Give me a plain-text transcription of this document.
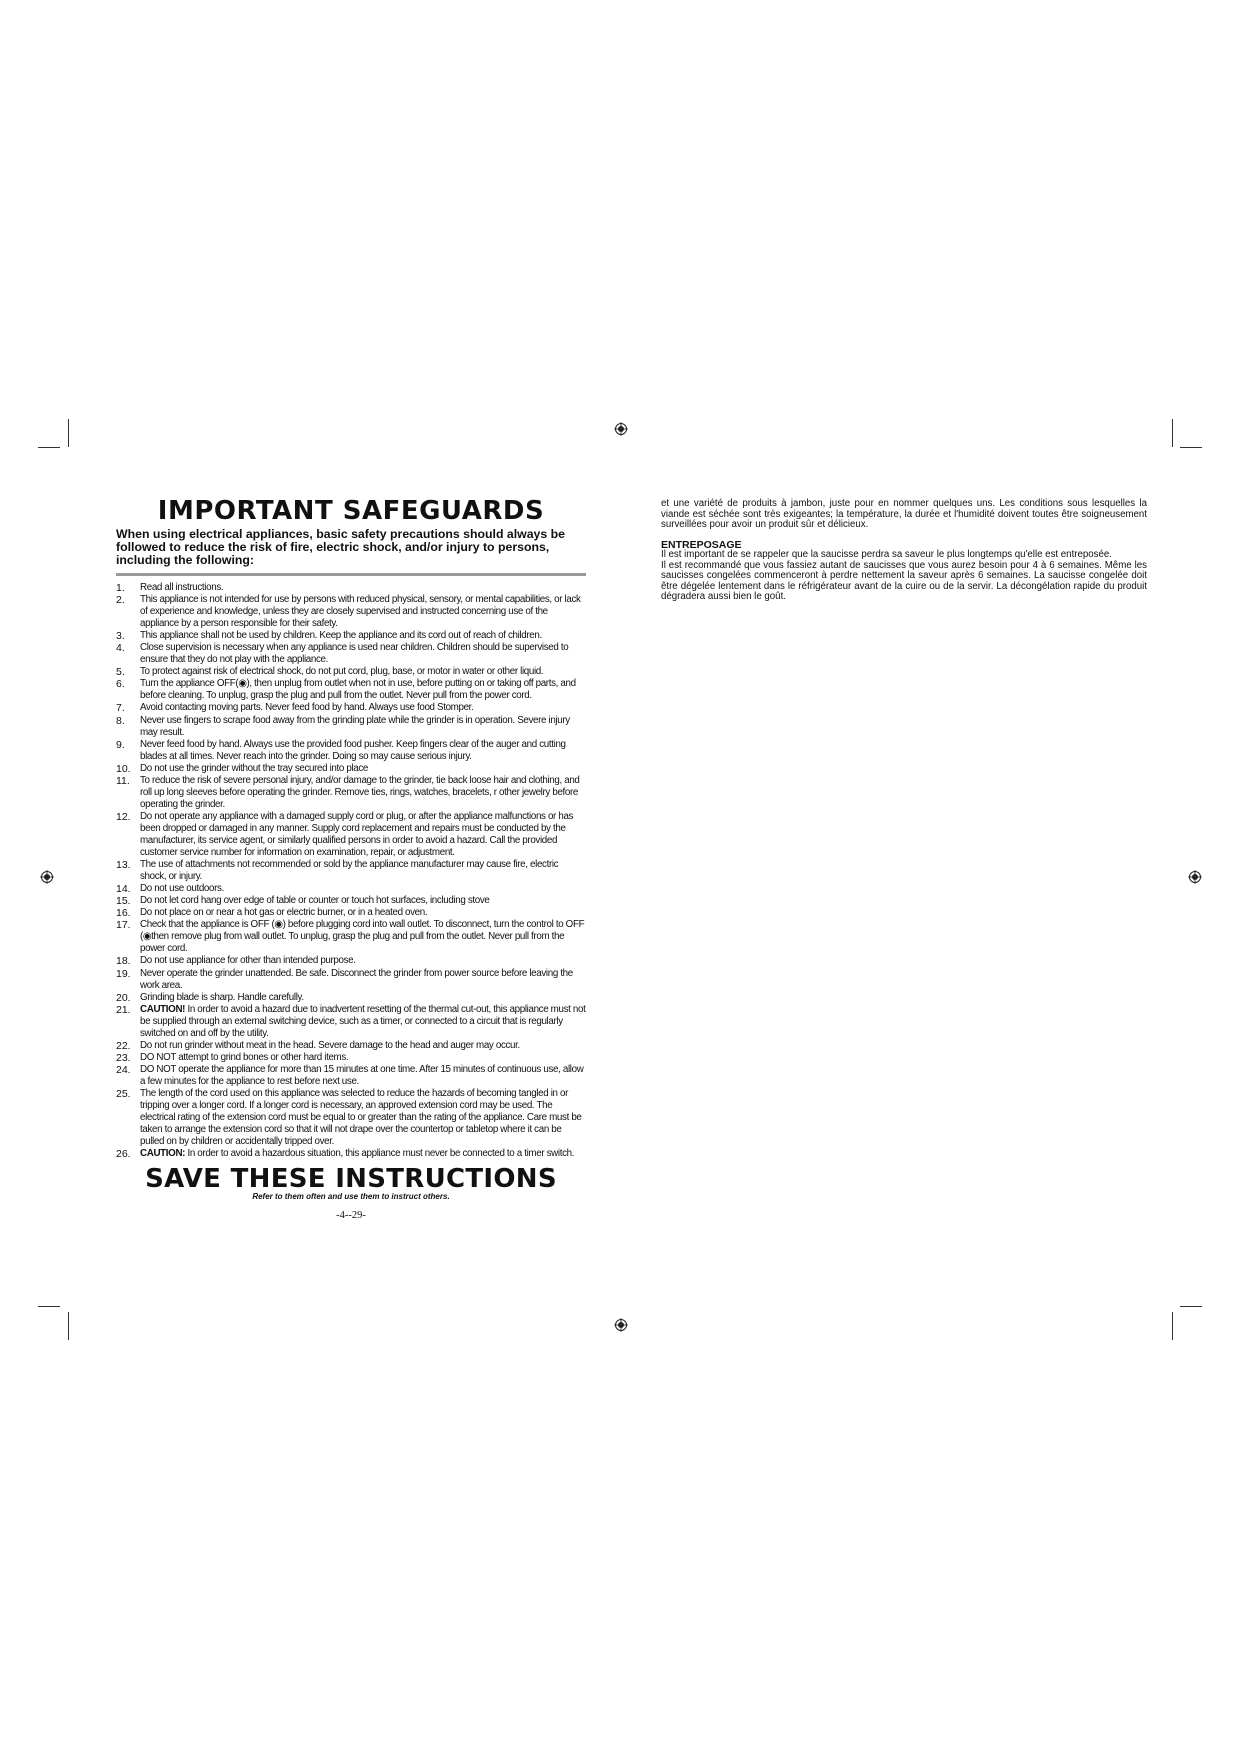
IMPORTANT SAFEGUARDS

When using electrical appliances, basic safety precautions should always be followed to reduce the risk of fire, electric shock, and/or injury to persons, including the following:

1. Read all instructions.
2. This appliance is not intended for use by persons with reduced physical, sensory, or mental capabilities, or lack of experience and knowledge, unless they are closely supervised and instructed concerning use of the appliance by a person responsible for their safety.
3. This appliance shall not be used by children. Keep the appliance and its cord out of reach of children.
4. Close supervision is necessary when any appliance is used near children. Children should be supervised to ensure that they do not play with the appliance.
5. To protect against risk of electrical shock, do not put cord, plug, base, or motor in water or other liquid.
6. Turn the appliance OFF(◉), then unplug from outlet when not in use, before putting on or taking off parts, and before cleaning. To unplug, grasp the plug and pull from the outlet. Never pull from the power cord.
7. Avoid contacting moving parts. Never feed food by hand. Always use food Stomper.
8. Never use fingers to scrape food away from the grinding plate while the grinder is in operation. Severe injury may result.
9. Never feed food by hand. Always use the provided food pusher. Keep fingers clear of the auger and cutting blades at all times. Never reach into the grinder. Doing so may cause serious injury.
10. Do not use the grinder without the tray secured into place
11. To reduce the risk of severe personal injury, and/or damage to the grinder, tie back loose hair and clothing, and roll up long sleeves before operating the grinder. Remove ties, rings, watches, bracelets, r other jewelry before operating the grinder.
12. Do not operate any appliance with a damaged supply cord or plug, or after the appliance malfunctions or has been dropped or damaged in any manner. Supply cord replacement and repairs must be conducted by the manufacturer, its service agent, or similarly qualified persons in order to avoid a hazard. Call the provided customer service number for information on examination, repair, or adjustment.
13. The use of attachments not recommended or sold by the appliance manufacturer may cause fire, electric shock, or injury.
14. Do not use outdoors.
15. Do not let cord hang over edge of table or counter or touch hot surfaces, including stove
16. Do not place on or near a hot gas or electric burner, or in a heated oven.
17. Check that the appliance is OFF (◉) before plugging cord into wall outlet. To disconnect, turn the control to OFF (◉then remove plug from wall outlet. To unplug, grasp the plug and pull from the outlet. Never pull from the power cord.
18. Do not use appliance for other than intended purpose.
19. Never operate the grinder unattended. Be safe. Disconnect the grinder from power source before leaving the work area.
20. Grinding blade is sharp. Handle carefully.
21. CAUTION! In order to avoid a hazard due to inadvertent resetting of the thermal cut-out, this appliance must not be supplied through an external switching device, such as a timer, or connected to a circuit that is regularly switched on and off by the utility.
22. Do not run grinder without meat in the head. Severe damage to the head and auger may occur.
23. DO NOT attempt to grind bones or other hard items.
24. DO NOT operate the appliance for more than 15 minutes at one time. After 15 minutes of continuous use, allow a few minutes for the appliance to rest before next use.
25. The length of the cord used on this appliance was selected to reduce the hazards of becoming tangled in or tripping over a longer cord. If a longer cord is necessary, an approved extension cord may be used. The electrical rating of the extension cord must be equal to or greater than the rating of the appliance. Care must be taken to arrange the extension cord so that it will not drape over the countertop or tabletop where it can be pulled on by children or accidentally tripped over.
26. CAUTION: In order to avoid a hazardous situation, this appliance must never be connected to a timer switch.
SAVE THESE INSTRUCTIONS

Refer to them often and use them to instruct others.

-4--29-

et une variété de produits à jambon, juste pour en nommer quelques uns. Les conditions sous lesquelles la viande est séchée sont très exigeantes; la température, la durée et l'humidité doivent toutes être soigneusement surveillées pour avoir un produit sûr et délicieux.

ENTREPOSAGE

Il est important de se rappeler que la saucisse perdra sa saveur le plus longtemps qu'elle est entreposée.

Il est recommandé que vous fassiez autant de saucisses que vous aurez besoin pour 4 à 6 semaines. Même les saucisses congelées commenceront à perdre nettement la saveur après 6 semaines. La saucisse congelée doit être dégelée lentement dans le réfrigérateur avant de la cuire ou de la servir. La décongélation rapide du produit dégradera aussi bien le goût.
